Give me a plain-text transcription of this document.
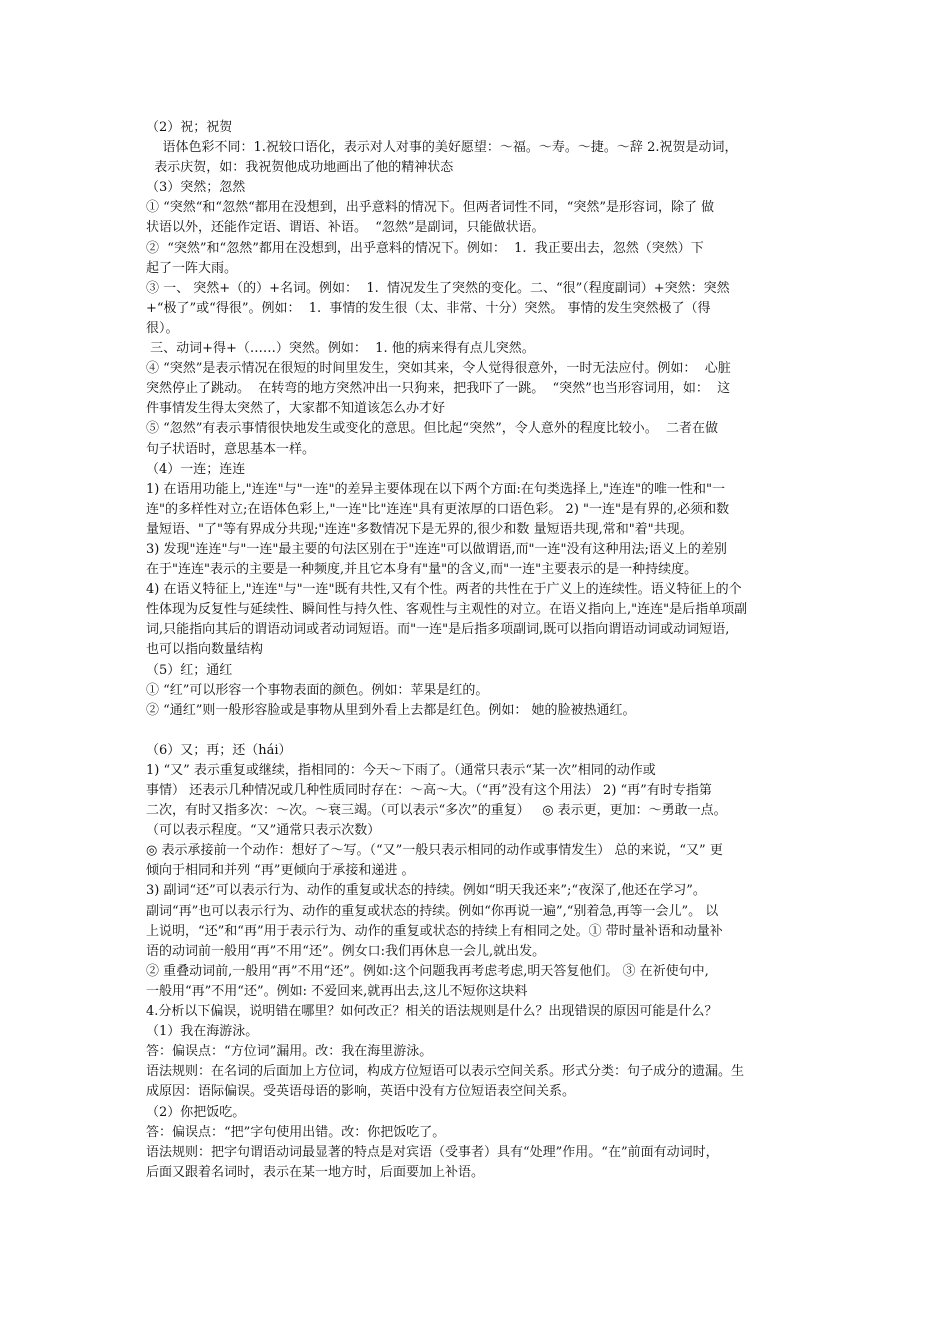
（2）祝；祝贺
语体色彩不同：1.祝较口语化，表示对人对事的美好愿望：～福。～寿。～捷。～辞 2.祝贺是动词，
表示庆贺，如：我祝贺他成功地画出了他的精神状态
（3）突然；忽然
① “突然“和“忽然“都用在没想到，出乎意料的情况下。但两者词性不同，“突然”是形容词，除了 做
状语以外，还能作定语、谓语、补语。  “忽然”是副词，只能做状语。
②  “突然”和“忽然”都用在没想到，出乎意料的情况下。例如：  1.  我正要出去，忽然（突然）下
起了一阵大雨。
③ 一、 突然+（的）+名词。例如：  1.  情况发生了突然的变化。二、“很”（程度副词）+突然：突然
+“极了”或“得很”。例如：  1.  事情的发生很（太、非常、十分）突然。 事情的发生突然极了（得
很）。
三、动词+得+（……）突然。例如：  1. 他的病来得有点儿突然。
④ “突然”是表示情况在很短的时间里发生，突如其来，令人觉得很意外，一时无法应付。例如：  心脏
突然停止了跳动。  在转弯的地方突然冲出一只狗来，把我吓了一跳。  “突然”也当形容词用，如：  这
件事情发生得太突然了，大家都不知道该怎么办才好
⑤ “忽然”有表示事情很快地发生或变化的意思。但比起“突然”，令人意外的程度比较小。  二者在做
句子状语时，意思基本一样。
（4）一连；连连
1) 在语用功能上,"连连"与"一连"的差异主要体现在以下两个方面:在句类选择上,"连连"的唯一性和"一
连"的多样性对立;在语体色彩上,"一连"比"连连"具有更浓厚的口语色彩。 2) "一连"是有界的,必须和数
量短语、"了"等有界成分共现;"连连"多数情况下是无界的,很少和数 量短语共现,常和"着"共现。
3) 发现"连连"与"一连"最主要的句法区别在于"连连"可以做谓语,而"一连"没有这种用法;语义上的差别
在于"连连"表示的主要是一种频度,并且它本身有"量"的含义,而"一连"主要表示的是一种持续度。
4) 在语义特征上,"连连"与"一连"既有共性,又有个性。两者的共性在于广义上的连续性。语义特征上的个
性体现为反复性与延续性、瞬间性与持久性、客观性与主观性的对立。在语义指向上,"连连"是后指单项副
词,只能指向其后的谓语动词或者动词短语。而"一连"是后指多项副词,既可以指向谓语动词或动词短语,
也可以指向数量结构
（5）红；通红
① “红”可以形容一个事物表面的颜色。例如：苹果是红的。
② “通红”则一般形容脸或是事物从里到外看上去都是红色。例如： 她的脸被热通红。
（6）又；再；还（hái）
1) “又” 表示重复或继续，指相同的：今天～下雨了。（通常只表示“某一次”相同的动作或
事情） 还表示几种情况或几种性质同时存在：～高～大。（“再”没有这个用法） 2) “再”有时专指第
二次，有时又指多次：～次。～衰三竭。（可以表示“多次”的重复）   ◎ 表示更，更加：～勇敢一点。
（可以表示程度。“又”通常只表示次数）
◎ 表示承接前一个动作：想好了～写。（“又”一般只表示相同的动作或事情发生） 总的来说，“又” 更
倾向于相同和并列 “再”更倾向于承接和递进 。
3) 副词“还”可以表示行为、动作的重复或状态的持续。例如“明天我还来”;“夜深了,他还在学习”。
副词“再”也可以表示行为、动作的重复或状态的持续。例如“你再说一遍”,“别着急,再等一会儿”。 以
上说明，“还”和“再”用于表示行为、动作的重复或状态的持续上有相同之处。① 带时量补语和动量补
语的动词前一般用“再”不用“还”。例女口:我们再休息一会儿,就出发。
② 重叠动词前,一般用“再”不用“还”。例如:这个问题我再考虑考虑,明天答复他们。 ③ 在祈使句中,
一般用“再”不用“还”。例如: 不爱回来,就再出去,这儿不短你这块料
4.分析以下偏误，说明错在哪里？如何改正？相关的语法规则是什么？出现错误的原因可能是什么？
（1）我在海游泳。
答：偏误点：“方位词”漏用。改：我在海里游泳。
语法规则：在名词的后面加上方位词，构成方位短语可以表示空间关系。形式分类：句子成分的遗漏。生
成原因：语际偏误。受英语母语的影响，英语中没有方位短语表空间关系。
（2）你把饭吃。
答：偏误点：“把”字句使用出错。改：你把饭吃了。
语法规则：把字句谓语动词最显著的特点是对宾语（受事者）具有“处理”作用。“在”前面有动词时，
后面又跟着名词时，表示在某一地方时，后面要加上补语。
